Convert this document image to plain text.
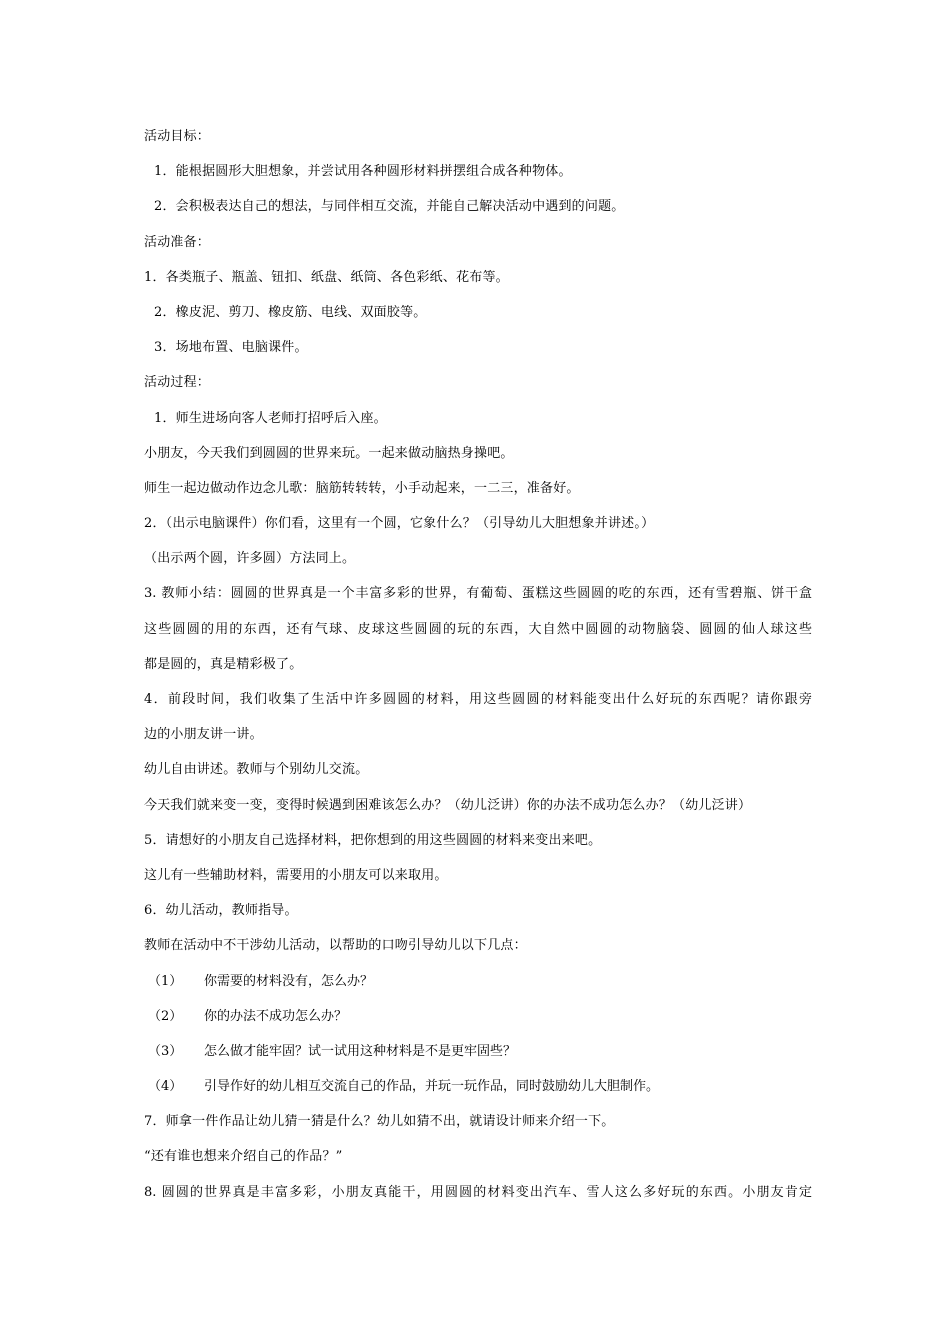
活动目标：
1．能根据圆形大胆想象，并尝试用各种圆形材料拼摆组合成各种物体。
2．会积极表达自己的想法，与同伴相互交流，并能自己解决活动中遇到的问题。
活动准备：
1．各类瓶子、瓶盖、钮扣、纸盘、纸筒、各色彩纸、花布等。
2．橡皮泥、剪刀、橡皮筋、电线、双面胶等。
3．场地布置、电脑课件。
活动过程：
1．师生进场向客人老师打招呼后入座。
小朋友，今天我们到圆圆的世界来玩。一起来做动脑热身操吧。
师生一起边做动作边念儿歌：脑筋转转转，小手动起来，一二三，准备好。
2．（出示电脑课件）你们看，这里有一个圆，它象什么？（引导幼儿大胆想象并讲述。）
（出示两个圆，许多圆）方法同上。
3. 教师小结：圆圆的世界真是一个丰富多彩的世界，有葡萄、蛋糕这些圆圆的吃的东西，还有雪碧瓶、饼干盒
这些圆圆的用的东西，还有气球、皮球这些圆圆的玩的东西，大自然中圆圆的动物脑袋、圆圆的仙人球这些
都是圆的，真是精彩极了。
4．前段时间，我们收集了生活中许多圆圆的材料，用这些圆圆的材料能变出什么好玩的东西呢？请你跟旁
边的小朋友讲一讲。
幼儿自由讲述。教师与个别幼儿交流。
今天我们就来变一变，变得时候遇到困难该怎么办？（幼儿泛讲）你的办法不成功怎么办？（幼儿泛讲）
5．请想好的小朋友自己选择材料，把你想到的用这些圆圆的材料来变出来吧。
这儿有一些辅助材料，需要用的小朋友可以来取用。
6．幼儿活动，教师指导。
教师在活动中不干涉幼儿活动，以帮助的口吻引导幼儿以下几点：
（1）	你需要的材料没有，怎么办？
（2）	你的办法不成功怎么办？
（3）	怎么做才能牢固？试一试用这种材料是不是更牢固些？
（4）	引导作好的幼儿相互交流自己的作品，并玩一玩作品，同时鼓励幼儿大胆制作。
7．师拿一件作品让幼儿猜一猜是什么？幼儿如猜不出，就请设计师来介绍一下。
“还有谁也想来介绍自己的作品？”
8. 圆圆的世界真是丰富多彩，小朋友真能干，用圆圆的材料变出汽车、雪人这么多好玩的东西。小朋友肯定
